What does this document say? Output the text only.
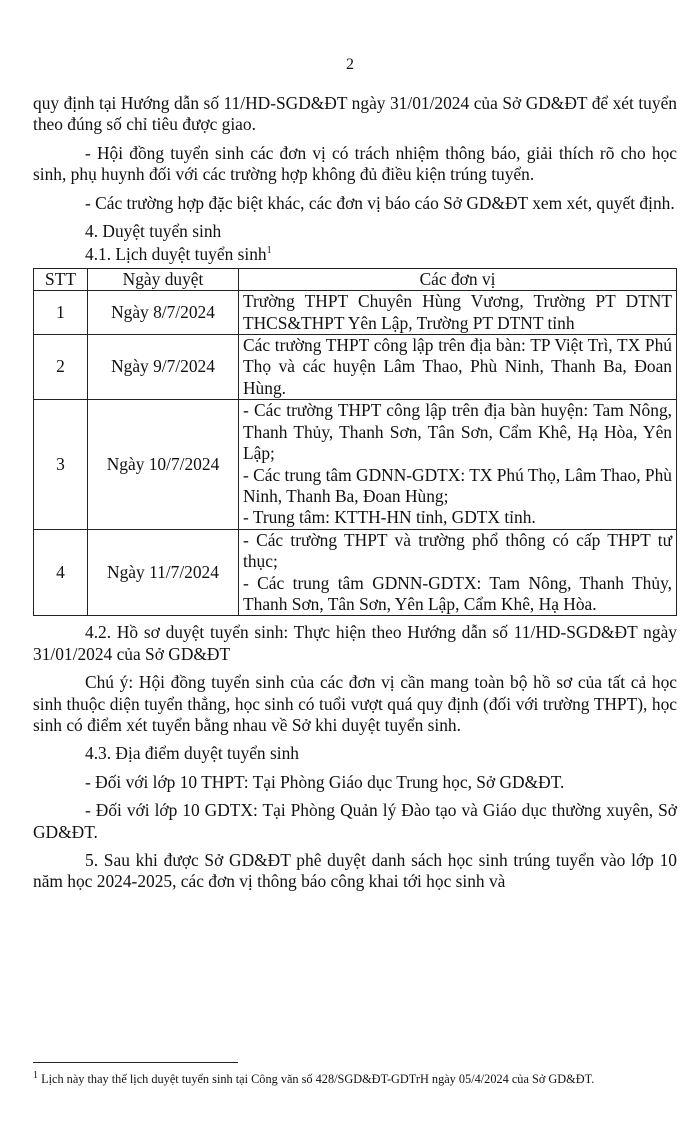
2

quy định tại Hướng dẫn số 11/HD-SGD&ĐT ngày 31/01/2024 của Sở GD&ĐT để xét tuyển theo đúng số chỉ tiêu được giao.

- Hội đồng tuyển sinh các đơn vị có trách nhiệm thông báo, giải thích rõ cho học sinh, phụ huynh đối với các trường hợp không đủ điều kiện trúng tuyển.

- Các trường hợp đặc biệt khác, các đơn vị báo cáo Sở GD&ĐT xem xét, quyết định.

4. Duyệt tuyển sinh

4.1. Lịch duyệt tuyển $\sinh^1$

STT	Ngày duyệt	Các đơn vị
1	Ngày 8/7/2024	Trường THPT Chuyên Hùng Vương, Trường PT DTNT THCS&THPT Yên Lập, Trường PT DTNT tỉnh

2	Ngày 9/7/2024	Các trường THPT công lập trên địa bàn: TP Việt Trì, TX Phú Thọ và các huyện Lâm Thao, Phù Ninh, Thanh Ba, Đoan Hùng.

3	Ngày 10/7/2024	- Các trường THPT công lập trên địa bàn huyện: Tam Nông, Thanh Thủy, Thanh Sơn, Tân Sơn, Cẩm Khê, Hạ Hòa, Yên Lập;
- Các trung tâm GDNN-GDTX: TX Phú Thọ, Lâm Thao, Phù Ninh, Thanh Ba, Đoan Hùng;
- Trung tâm: KTTH-HN tỉnh, GDTX tỉnh.

4	Ngày 11/7/2024	- Các trường THPT và trường phổ thông có cấp THPT tư thục;
- Các trung tâm GDNN-GDTX: Tam Nông, Thanh Thủy, Thanh Sơn, Tân Sơn, Yên Lập, Cẩm Khê, Hạ Hòa.

4.2. Hồ sơ duyệt tuyển sinh: Thực hiện theo Hướng dẫn số 11/HD-SGD&ĐT ngày 31/01/2024 của Sở GD&ĐT

Chú ý: Hội đồng tuyển sinh của các đơn vị cần mang toàn bộ hồ sơ của tất cả học sinh thuộc diện tuyển thẳng, học sinh có tuổi vượt quá quy định (đối với trường THPT), học sinh có điểm xét tuyển bằng nhau về Sở khi duyệt tuyển sinh.

4.3. Địa điểm duyệt tuyển sinh

- Đối với lớp 10 THPT: Tại Phòng Giáo dục Trung học, Sở GD&ĐT.

- Đối với lớp 10 GDTX: Tại Phòng Quản lý Đào tạo và Giáo dục thường xuyên, Sở GD&ĐT.

5. Sau khi được Sở GD&ĐT phê duyệt danh sách học sinh trúng tuyển vào lớp 10 năm học 2024-2025, các đơn vị thông báo công khai tới học sinh và

$^1$ Lịch này thay thế lịch duyệt tuyển sinh tại Công văn số 428/SGD&ĐT-GDTrH ngày 05/4/2024 của Sở GD&ĐT.
